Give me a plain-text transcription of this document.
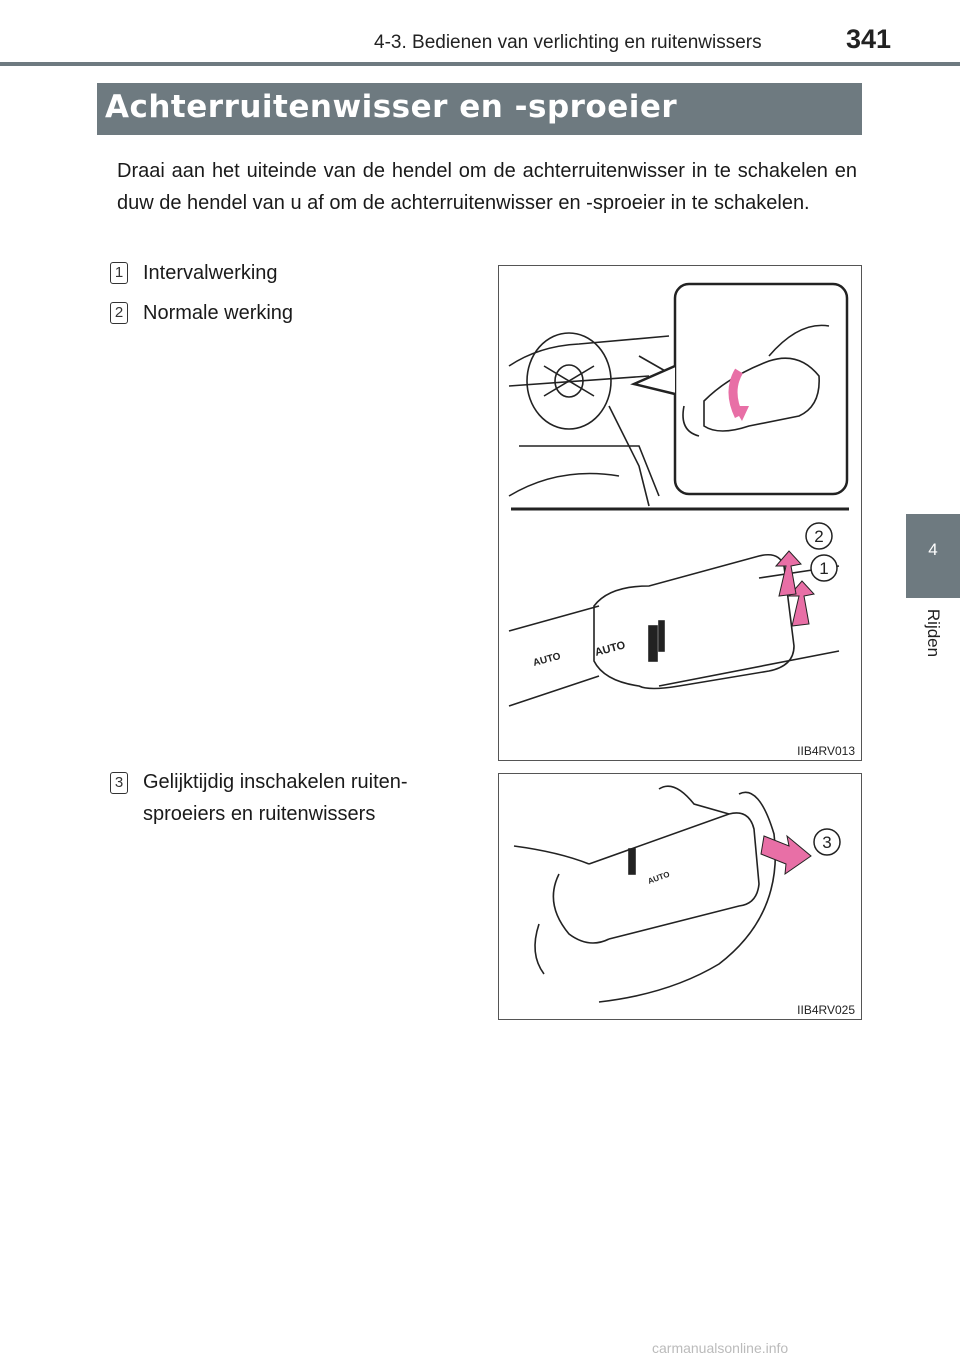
4-3. Bedienen van verlichting en ruitenwissers	341
4
Rijden
Achterruitenwisser en -sproeier

Draai aan het uiteinde van de hendel om de achterruitenwisser in te schakelen en duw de hendel van u af om de achterruitenwisser en -sproeier in te schakelen.

1 Intervalwerking
2 Normale werking
AUTO
AUTO
1
2
IIB4RV013
3 Gelijktijdig inschakelen ruiten-
sproeiers en ruitenwissers
AUTO
3
IIB4RV025
carmanualsonline.info
